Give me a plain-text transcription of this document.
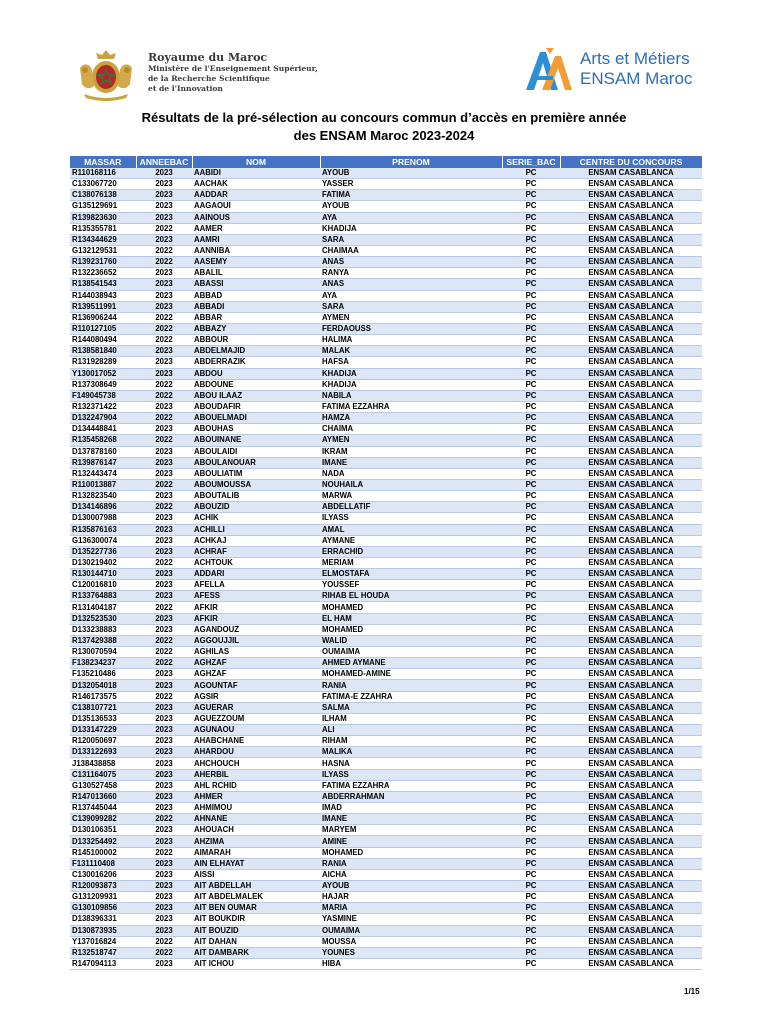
Royaume du Maroc
Ministère de l'Enseignement Supérieur,
de la Recherche Scientifique
et de l'Innovation
Arts et Métiers
ENSAM Maroc
Résultats de la pré-sélection au concours commun d’accès en première année
des ENSAM Maroc 2023-2024
MASSAR	ANNEEBAC	NOM	PRENOM	SERIE_BAC	CENTRE DU CONCOURS
R110168116	2023	AABIDI	AYOUB	PC	ENSAM CASABLANCA
C133067720	2023	AACHAK	YASSER	PC	ENSAM CASABLANCA
C138076138	2023	AADDAR	FATIMA	PC	ENSAM CASABLANCA
G135129691	2023	AAGAOUI	AYOUB	PC	ENSAM CASABLANCA
R139823630	2023	AAINOUS	AYA	PC	ENSAM CASABLANCA
R135355781	2022	AAMER	KHADIJA	PC	ENSAM CASABLANCA
R134344629	2023	AAMRI	SARA	PC	ENSAM CASABLANCA
G132129531	2022	AANNIBA	CHAIMAA	PC	ENSAM CASABLANCA
R139231760	2022	AASEMY	ANAS	PC	ENSAM CASABLANCA
R132236652	2023	ABALIL	RANYA	PC	ENSAM CASABLANCA
R138541543	2023	ABASSI	ANAS	PC	ENSAM CASABLANCA
R144038943	2023	ABBAD	AYA	PC	ENSAM CASABLANCA
R139511991	2023	ABBADI	SARA	PC	ENSAM CASABLANCA
R136906244	2022	ABBAR	AYMEN	PC	ENSAM CASABLANCA
R110127105	2022	ABBAZY	FERDAOUSS	PC	ENSAM CASABLANCA
R144080494	2022	ABBOUR	HALIMA	PC	ENSAM CASABLANCA
R138581840	2023	ABDELMAJID	MALAK	PC	ENSAM CASABLANCA
R131928289	2023	ABDERRAZIK	HAFSA	PC	ENSAM CASABLANCA
Y130017052	2023	ABDOU	KHADIJA	PC	ENSAM CASABLANCA
R137308649	2022	ABDOUNE	KHADIJA	PC	ENSAM CASABLANCA
F149045738	2022	ABOU ILAAZ	NABILA	PC	ENSAM CASABLANCA
R132371422	2023	ABOUDAFIR	FATIMA EZZAHRA	PC	ENSAM CASABLANCA
D132247904	2022	ABOUELMADI	HAMZA	PC	ENSAM CASABLANCA
D134448841	2023	ABOUHAS	CHAIMA	PC	ENSAM CASABLANCA
R135458268	2022	ABOUINANE	AYMEN	PC	ENSAM CASABLANCA
D137878160	2023	ABOULAIDI	IKRAM	PC	ENSAM CASABLANCA
R139876147	2023	ABOULANOUAR	IMANE	PC	ENSAM CASABLANCA
R132443474	2023	ABOULIATIM	NADA	PC	ENSAM CASABLANCA
R110013887	2022	ABOUMOUSSA	NOUHAILA	PC	ENSAM CASABLANCA
R132823540	2023	ABOUTALIB	MARWA	PC	ENSAM CASABLANCA
D134146896	2022	ABOUZID	ABDELLATIF	PC	ENSAM CASABLANCA
D130007988	2023	ACHIK	ILYASS	PC	ENSAM CASABLANCA
R135876163	2023	ACHILLI	AMAL	PC	ENSAM CASABLANCA
G136300074	2023	ACHKAJ	AYMANE	PC	ENSAM CASABLANCA
D135227736	2023	ACHRAF	ERRACHID	PC	ENSAM CASABLANCA
D130219402	2022	ACHTOUK	MERIAM	PC	ENSAM CASABLANCA
R130144710	2023	ADDARI	ELMOSTAFA	PC	ENSAM CASABLANCA
C120016810	2023	AFELLA	YOUSSEF	PC	ENSAM CASABLANCA
R133764883	2023	AFESS	RIHAB EL HOUDA	PC	ENSAM CASABLANCA
R131404187	2022	AFKIR	MOHAMED	PC	ENSAM CASABLANCA
D132523530	2023	AFKIR	EL HAM	PC	ENSAM CASABLANCA
D133238883	2023	AGANDOUZ	MOHAMED	PC	ENSAM CASABLANCA
R137429388	2022	AGGOUJJIL	WALID	PC	ENSAM CASABLANCA
R130070594	2022	AGHILAS	OUMAIMA	PC	ENSAM CASABLANCA
F138234237	2022	AGHZAF	AHMED AYMANE	PC	ENSAM CASABLANCA
F135210486	2023	AGHZAF	MOHAMED-AMINE	PC	ENSAM CASABLANCA
D132054018	2023	AGOUNTAF	RANIA	PC	ENSAM CASABLANCA
R146173575	2022	AGSIR	FATIMA-E ZZAHRA	PC	ENSAM CASABLANCA
C138107721	2023	AGUERAR	SALMA	PC	ENSAM CASABLANCA
D135136533	2023	AGUEZZOUM	ILHAM	PC	ENSAM CASABLANCA
D133147229	2023	AGUNAOU	ALI	PC	ENSAM CASABLANCA
R120050697	2023	AHABCHANE	RIHAM	PC	ENSAM CASABLANCA
D133122693	2023	AHARDOU	MALIKA	PC	ENSAM CASABLANCA
J138438858	2023	AHCHOUCH	HASNA	PC	ENSAM CASABLANCA
C131164075	2023	AHERBIL	ILYASS	PC	ENSAM CASABLANCA
G130527458	2023	AHL RCHID	FATIMA EZZAHRA	PC	ENSAM CASABLANCA
R147013660	2023	AHMER	ABDERRAHMAN	PC	ENSAM CASABLANCA
R137445044	2023	AHMIMOU	IMAD	PC	ENSAM CASABLANCA
C139099282	2022	AHNANE	IMANE	PC	ENSAM CASABLANCA
D130106351	2023	AHOUACH	MARYEM	PC	ENSAM CASABLANCA
D133254492	2023	AHZIMA	AMINE	PC	ENSAM CASABLANCA
R145100002	2022	AIMARAH	MOHAMED	PC	ENSAM CASABLANCA
F131110408	2023	AIN ELHAYAT	RANIA	PC	ENSAM CASABLANCA
C130016206	2023	AISSI	AICHA	PC	ENSAM CASABLANCA
R120093873	2023	AIT ABDELLAH	AYOUB	PC	ENSAM CASABLANCA
G131209931	2023	AIT ABDELMALEK	HAJAR	PC	ENSAM CASABLANCA
G130109856	2023	AIT BEN OUMAR	MARIA	PC	ENSAM CASABLANCA
D138396331	2023	AIT BOUKDIR	YASMINE	PC	ENSAM CASABLANCA
D130873935	2023	AIT BOUZID	OUMAIMA	PC	ENSAM CASABLANCA
Y137016824	2022	AIT DAHAN	MOUSSA	PC	ENSAM CASABLANCA
R132518747	2022	AIT DAMBARK	YOUNES	PC	ENSAM CASABLANCA
R147094113	2023	AIT ICHOU	HIBA	PC	ENSAM CASABLANCA
1/15
